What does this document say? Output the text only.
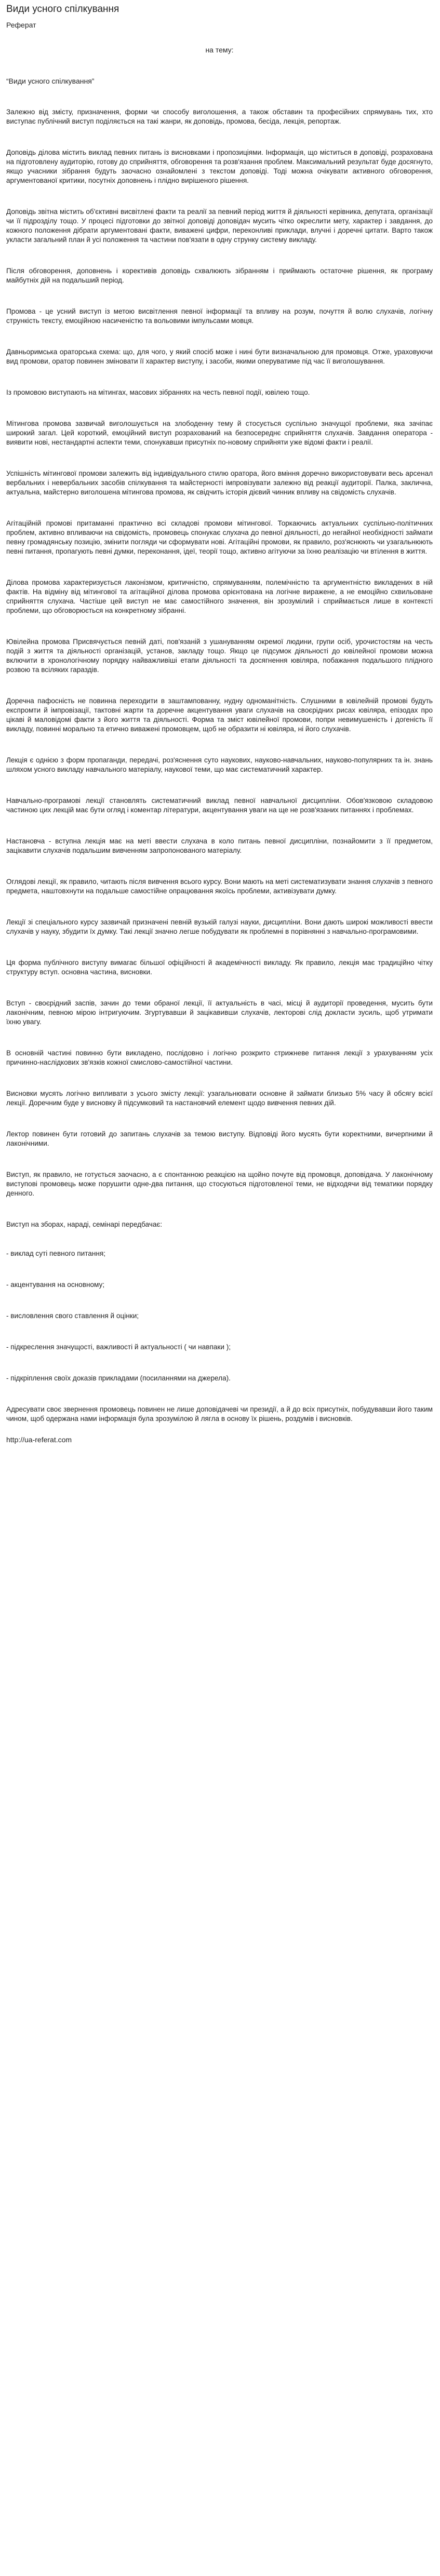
Види усного спілкування
Реферат
на тему:
“Види усного спілкування”

Залежно від змісту, призначення, форми чи способу виголошення, а також обставин та професійних спрямувань тих, хто виступає публічний виступ поділяється на такі жанри, як доповідь, промова, бесіда, лекція, репортаж.

Доповідь ділова містить виклад певних питань із висновками і пропозиціями. Інформація, що міститься в доповіді, розрахована на підготовлену аудиторію, готову до сприйняття, обговорення та розв'язання проблем. Максимальний результат буде досягнуто, якщо учасники зібрання будуть заочасно ознайомлені з текстом доповіді. Тоді можна очікувати активного обговорення, аргументованої критики, посутніх доповнень і плідно вирішеного рішення.

Доповідь звітна містить об'єктивні висвітлені факти та реалії за певний період життя й діяльності керівника, депутата, організації чи її підрозділу тощо. У процесі підготовки до звітної доповіді доповідач мусить чітко окреслити мету, характер і завдання, до кожного положення дібрати аргументовані факти, виважені цифри, переконливі приклади, влучні і доречні цитати. Варто також укласти загальний план й усі положення та частини пов'язати в одну струнку систему викладу.

Після обговорення, доповнень і корективів доповідь схвалюють зібранням і приймають остаточне рішення, як програму майбутніх дій на подальший період.

Промова - це усний виступ із метою висвітлення певної інформації та впливу на розум, почуття й волю слухачів, логічну стрункість тексту, емоційною насиченістю та вольовими імпульсами мовця.

Давньоримська ораторська схема: що, для чого, у який спосіб може і нині бути визначальною для промовця. Отже, ураховуючи вид промови, оратор повинен зміновати її характер виступу, і засоби, якими оперуватиме під час її виголошування.

Із промовою виступають на мітингах, масових зібраннях на честь певної події, ювілею тощо.

Мітингова промова зазвичай виголошується на злободенну тему й стосується суспільно значущої проблеми, яка зачіпає широкий загал. Цей короткий, емоційний виступ розрахований на безпосереднє сприйняття слухачів. Завдання оператора - виявити нові, нестандартні аспекти теми, спонукавши присутніх по-новому сприйняти уже відомі факти і реалії.

Успішність мітингової промови залежить від індивідуального стилю оратора, його вміння доречно використовувати весь арсенал вербальних і невербальних засобів спілкування та майстерності імпровізувати залежно від реакції аудиторії. Палка, заклична, актуальна, майстерно виголошена мітингова промова, як свідчить історія дієвий чинник впливу на свідомість слухачів.

Агітаційній промові притаманні практично всі складові промови мітингової. Торкаючись актуальних суспільно-політичних проблем, активно впливаючи на свідомість, промовець спонукає слухача до певної діяльності, до негайної необхідності займати певну громадянську позицію, змінити погляди чи сформувати нові. Агітаційні промови, як правило, роз'яснюють чи узагальнюють певні питання, пропагують певні думки, переконання, ідеї, теорії тощо, активно агітуючи за їхню реалізацію чи втілення в життя.

Ділова промова характеризується лаконізмом, критичністю, спрямуванням, полемічністю та аргументністю викладених в ній фактів. На відміну від мітингової та агітаційної ділова промова орієнтована на логічне виражене, а не емоційно схвильоване сприйняття слухача. Частіше цей виступ не має самостійного значення, він зрозумілий і сприймається лише в контексті проблеми, що обговорюється на конкретному зібранні.

Ювілейна промова Присвячується певній даті, пов'язаній з ушануванням окремої людини, групи осіб, урочистостям на честь подій з життя та діяльності організацій, установ, закладу тощо. Якщо це підсумок діяльності до ювілейної промови можна включити в хронологічному порядку найважливіші етапи діяльності та досягнення ювіляра, побажання подальшого плідного розвою та всіляких гараздів.

Доречна пафосність не повинна переходити в заштампованну, нудну одноманітність. Слушними в ювілейній промові будуть експромти й імпровізації, тактовні жарти та доречне акцентування уваги слухачів на своєрідних рисах ювіляра, епізодах про цікаві й маловідомі факти з його життя та діяльності. Форма та зміст ювілейної промови, попри невимушеність і догеність її викладу, повинні морально та етично виважені промовцем, щоб не образити ні ювіляра, ні його слухачів.

Лекція є однією з форм пропаганди, передачі, роз'яснення суто наукових, науково-навчальних, науково-популярних та ін. знань шляхом усного викладу навчального матеріалу, наукової теми, що має систематичний характер.

Навчально-програмові лекції становлять систематичний виклад певної навчальної дисципліни. Обов'язковою складовою частиною цих лекцій має бути огляд і коментар літератури, акцентування уваги на ще не розв'язаних питаннях і проблемах.

Настановча - вступна лекція має на меті ввести слухача в коло питань певної дисципліни, познайомити з її предметом, зацікавити слухачів подальшим вивченням запропонованого матеріалу.

Оглядові лекції, як правило, читають після вивчення всього курсу. Вони мають на меті систематизувати знання слухачів з певного предмета, наштовхнути на подальше самостійне опрацювання якоїсь проблеми, активізувати думку.

Лекції зі спеціального курсу зазвичай призначені певній вузькій галузі науки, дисципліни. Вони дають широкі можливості ввести слухачів у науку, збудити їх думку. Такі лекції значно легше побудувати як проблемні в порівнянні з навчально-програмовими.

Ця форма публічного виступу вимагає більшої офіційності й академічності викладу. Як правило, лекція має традиційно чітку структуру вступ. основна частина, висновки.

Вступ - своєрідний заспів, зачин до теми обраної лекції, її актуальність в часі, місці й аудиторії проведення, мусить бути лаконічним, певною мірою інтригуючим. Згуртувавши й зацікавивши слухачів, лекторові слід докласти зусиль, щоб утримати їхню увагу.

В основній частині повинно бути викладено, послідовно і логічно розкрито стрижневе питання лекції з урахуванням усіх причинно-наслідкових зв'язків кожної смислово-самостійної частини.

Висновки мусять логічно випливати з усього змісту лекції: узагальнювати основне й займати близько 5% часу й обсягу всієї лекції. Доречним буде у висновку й підсумковий та настановчий елемент щодо вивчення певних дій.

Лектор повинен бути готовий до запитань слухачів за темою виступу. Відповіді його мусять бути коректними, вичерпними й лаконічними.

Виступ, як правило, не готується заочасно, а є спонтанною реакцією на щойно почуте від промовця, доповідача. У лаконічному виступові промовець може порушити одне-два питання, що стосуються підготовленої теми, не відходячи від тематики порядку денного.

Виступ на зборах, нараді, семінарі передбачає:
- виклад суті певного питання;
- акцентування на основному;
- висловлення свого ставлення й оцінки;
- підкреслення значущості, важливості й актуальності ( чи навпаки );
- підкріплення своїх доказів прикладами (посиланнями на джерела).

Адресувати своє звернення промовець повинен не лише доповідачеві чи президії, а й до всіх присутніх, побудувавши його таким чином, щоб одержана нами інформація була зрозумілою й лягла в основу їх рішень, роздумів і висновків.

http://ua-referat.com
